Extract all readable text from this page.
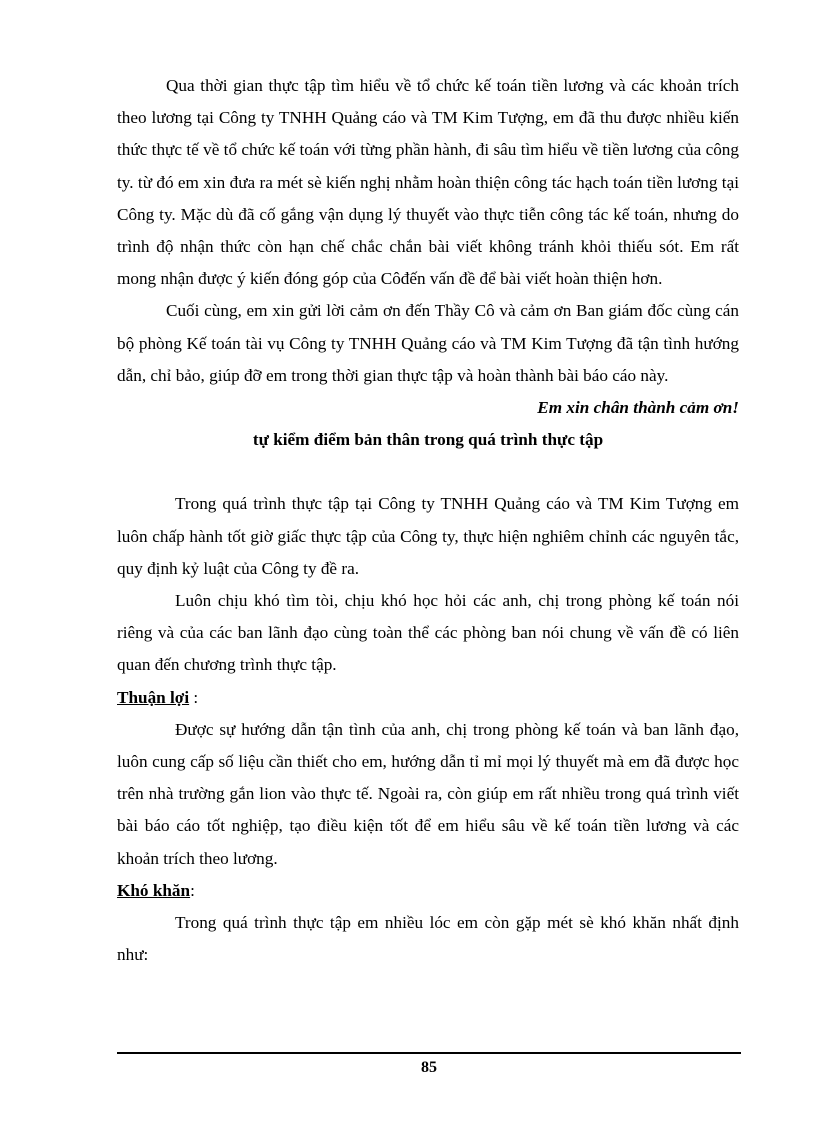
Qua thời gian thực tập tìm hiểu về tổ chức kế toán tiền lương và các khoản trích theo lương tại Công ty TNHH Quảng cáo và TM Kim Tượng, em đã thu được nhiều kiến thức thực tế về tổ chức kế toán với từng phần hành, đi sâu tìm hiểu về tiền lương của công ty. từ đó em xin đưa ra mét sè kiến nghị nhằm hoàn thiện công tác hạch toán tiền lương tại Công ty. Mặc dù đã cố gắng vận dụng lý thuyết vào thực tiễn công tác kế toán, nhưng do trình độ nhận thức còn hạn chế chắc chắn bài viết không tránh khỏi thiếu sót. Em rất mong nhận được ý kiến đóng góp của Côđến vấn đề để bài viết hoàn thiện hơn.

Cuối cùng, em xin gửi lời cảm ơn đến Thầy Cô và cảm ơn Ban giám đốc cùng cán bộ phòng Kế toán tài vụ Công ty TNHH Quảng cáo và TM Kim Tượng đã tận tình hướng dẫn, chỉ bảo, giúp đỡ em trong thời gian thực tập và hoàn thành bài báo cáo này.

Em xin chân thành cảm ơn!

tự kiểm điểm bản thân trong quá trình thực tập

Trong quá trình thực tập tại Công ty TNHH Quảng cáo và TM Kim Tượng em luôn chấp hành tốt giờ giấc thực tập của Công ty, thực hiện nghiêm chỉnh các nguyên tắc, quy định kỷ luật của Công ty đề ra.

Luôn chịu khó tìm tòi, chịu khó học hỏi các anh, chị trong phòng kế toán nói riêng và của các ban lãnh đạo cùng toàn thể các phòng ban nói chung về vấn đề có liên quan đến chương trình thực tập.

Thuận lợi :

Được sự hướng dẫn tận tình của anh, chị trong phòng kế toán và ban lãnh đạo, luôn cung cấp số liệu cần thiết cho em, hướng dẫn tỉ mỉ mọi lý thuyết mà em đã được học trên nhà trường gắn lion vào thực tế. Ngoài ra, còn giúp em rất nhiều trong quá trình viết bài báo cáo tốt nghiệp, tạo điều kiện tốt để em hiểu sâu về kế toán tiền lương và các khoản trích theo lương.

Khó khăn:

Trong quá trình thực tập em nhiều lóc em còn gặp mét sè khó khăn nhất định như:

85
